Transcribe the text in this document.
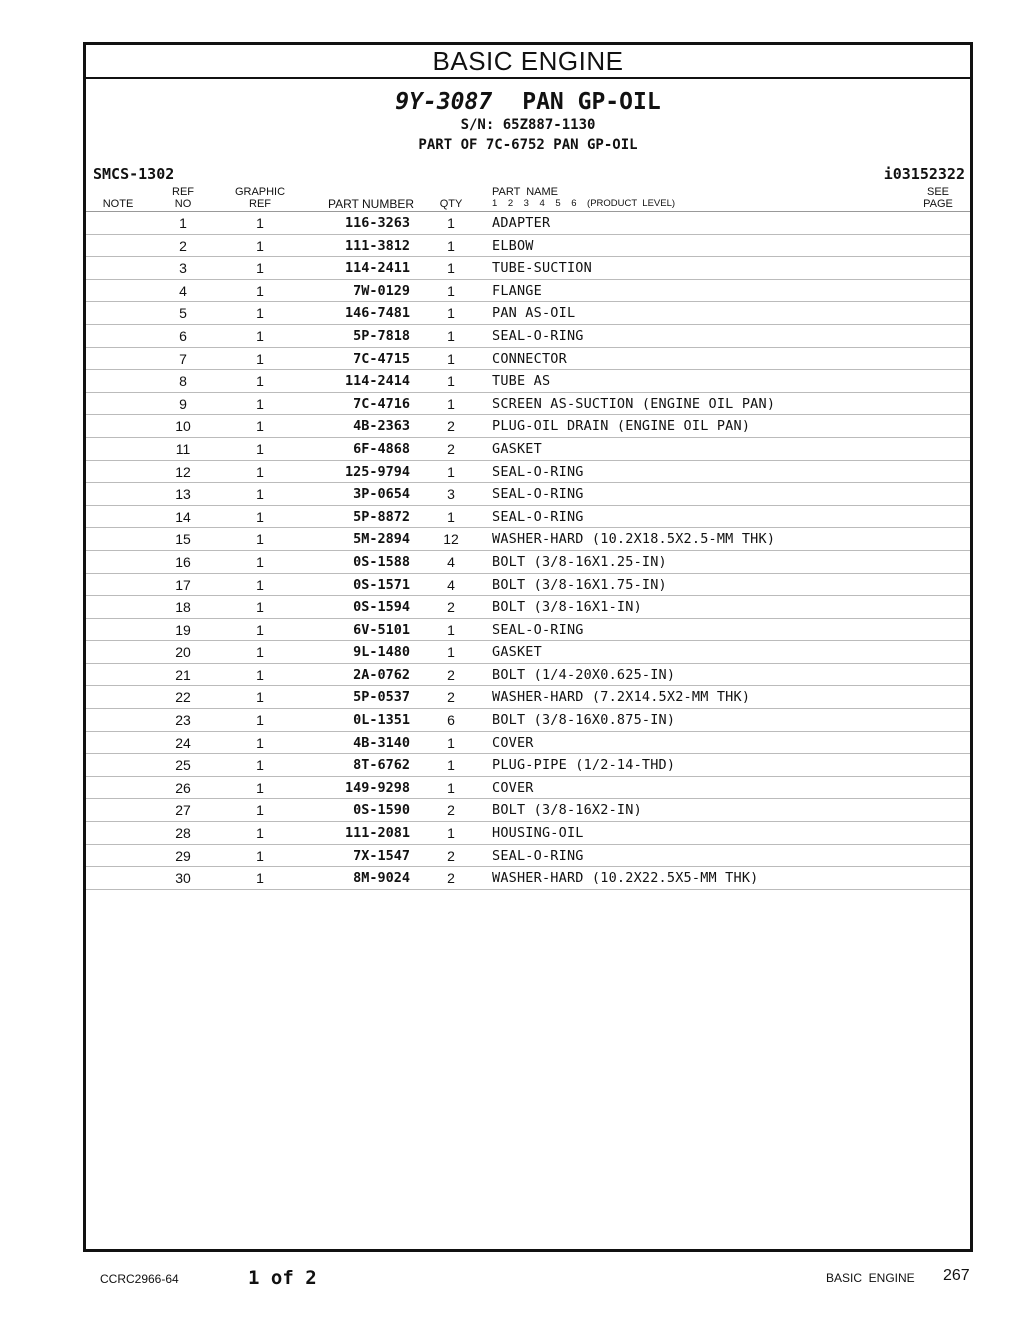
BASIC ENGINE
9Y-3087 PAN GP-OIL
S/N: 65Z887-1130
PART OF 7C-6752 PAN GP-OIL
SMCS-1302	i03152322
NOTE
REF
NO
GRAPHIC
REF	PART NUMBER	QTY
PART  NAME
1    2    3    4    5    6    (PRODUCT  LEVEL)
SEE
PAGE
1	1	116-3263	1	ADAPTER
2	1	111-3812	1	ELBOW
3	1	114-2411	1	TUBE-SUCTION
4	1	7W-0129	1	FLANGE
5	1	146-7481	1	PAN AS-OIL
6	1	5P-7818	1	SEAL-O-RING
7	1	7C-4715	1	CONNECTOR
8	1	114-2414	1	TUBE AS
9	1	7C-4716	1	SCREEN AS-SUCTION (ENGINE OIL PAN)
10	1	4B-2363	2	PLUG-OIL DRAIN (ENGINE OIL PAN)
11	1	6F-4868	2	GASKET
12	1	125-9794	1	SEAL-O-RING
13	1	3P-0654	3	SEAL-O-RING
14	1	5P-8872	1	SEAL-O-RING
15	1	5M-2894	12	WASHER-HARD (10.2X18.5X2.5-MM THK)
16	1	0S-1588	4	BOLT (3/8-16X1.25-IN)
17	1	0S-1571	4	BOLT (3/8-16X1.75-IN)
18	1	0S-1594	2	BOLT (3/8-16X1-IN)
19	1	6V-5101	1	SEAL-O-RING
20	1	9L-1480	1	GASKET
21	1	2A-0762	2	BOLT (1/4-20X0.625-IN)
22	1	5P-0537	2	WASHER-HARD (7.2X14.5X2-MM THK)
23	1	0L-1351	6	BOLT (3/8-16X0.875-IN)
24	1	4B-3140	1	COVER
25	1	8T-6762	1	PLUG-PIPE (1/2-14-THD)
26	1	149-9298	1	COVER
27	1	0S-1590	2	BOLT (3/8-16X2-IN)
28	1	111-2081	1	HOUSING-OIL
29	1	7X-1547	2	SEAL-O-RING
30	1	8M-9024	2	WASHER-HARD (10.2X22.5X5-MM THK)
CCRC2966-64	1 of 2	BASIC  ENGINE 267
